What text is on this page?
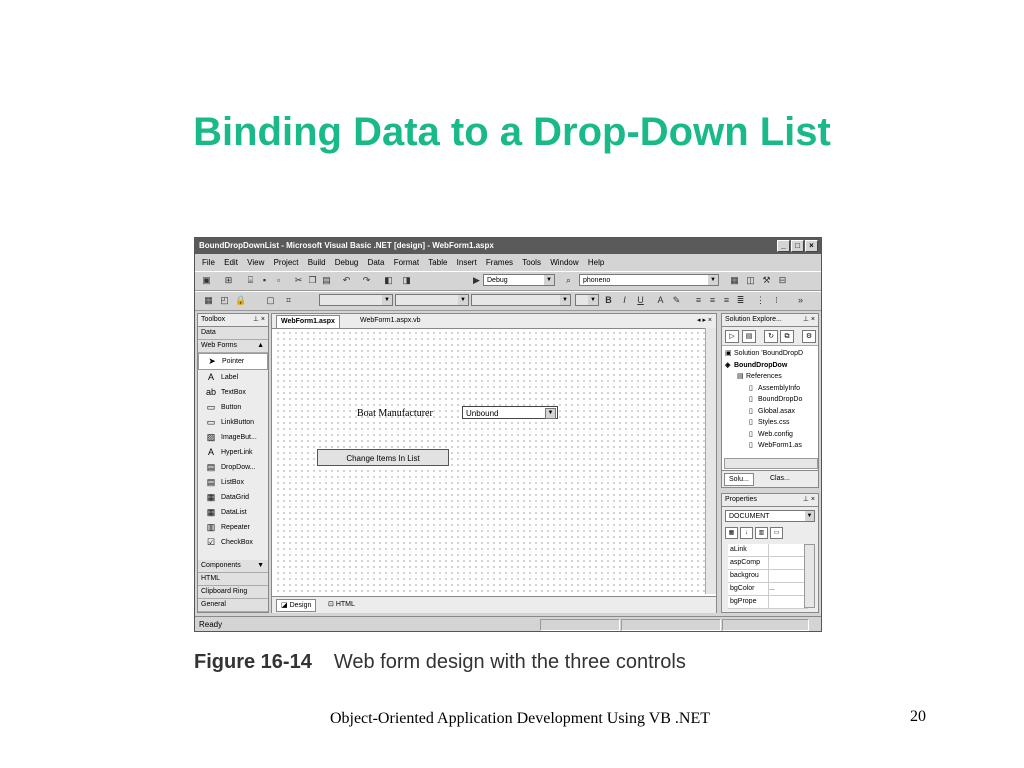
Binding Data to a Drop-Down List
BoundDropDownList - Microsoft Visual Basic .NET [design] - WebForm1.aspx	_	□	×
File Edit View Project Build Debug Data Format Table Insert Frames Tools Window Help
▣ ⊞	⌸	▪	▫	✂ ❐ ▤ ↶ ↷ ◧ ◨	▶	Debug	▼	⌕	phoneno	▼ ▦ ◫ ⚒ ⊟
▦ ◰ 🔒 ▢	⌗	▼	▼	▼	▼ B	I	U A ✎	≡ ≡ ≡ ≣ ⋮	⁝	»
Toolbox	⊥ ×
Data
Web Forms	▲
➤ Pointer
A Label
ab TextBox
▭ Button
▭ LinkButton
▨ ImageBut...
A HyperLink
▤ DropDow...
▤ ListBox
▦ DataGrid
▦ DataList
▥ Repeater
☑ CheckBox
Components ▼
HTML
Clipboard Ring
General
WebForm1.aspx	WebForm1.aspx.vb	◂ ▸ ×
Boat Manufacturer	Unbound	▼
Change Items In List
◪ Design	⊡ HTML
Solution Explore...	⊥ ×
▷	▤	↻	⧉	⚙
▣ Solution 'BoundDropD
◈ BoundDropDow
▤ References
▯ AssemblyInfo
▯ BoundDropDo
▯ Global.asax
▯ Styles.css
▯ Web.config
▯ WebForm1.as
Solu...	Clas...
Properties	⊥ ×
DOCUMENT	▼
▦ ↓ ▥ ▭
aLink
aspComp
backgrou
bgColor	...
bgPrope
Ready
Figure 16-14 Web form design with the three controls
Object-Oriented Application Development Using VB .NET	20
